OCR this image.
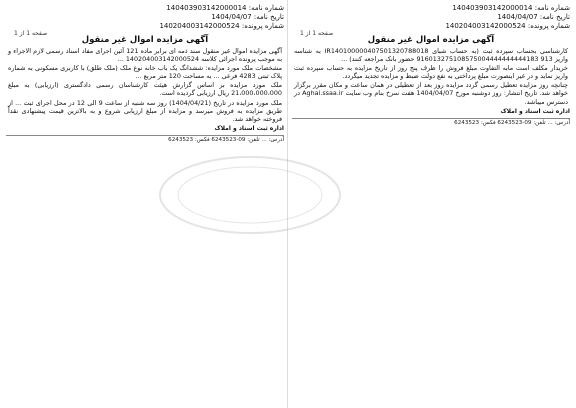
شماره نامه: 140403903142000014
تاریخ نامه: 1404/04/07
شماره پرونده: 140204003142000524
صفحه 1 از 1
آگهی مزایده اموال غیر منقول

کارشناسی بحساب سپرده ثبت (به حساب شبای IR140100000407501320788018 به شناسه واریز 913 916013275108575004444444444183 حضور بانک مراجعه کنند) ...

خریدار مکلف است مابه التفاوت مبلغ فروش را ظرف پنج روز از تاریخ مزایده به حساب سپرده ثبت واریز نماید و در غیر اینصورت مبلغ پرداختی به نفع دولت ضبط و مزایده تجدید میگردد.

چنانچه روز مزایده تعطیل رسمی گردد مزایده روز بعد از تعطیلی در همان ساعت و مکان مقرر برگزار خواهد شد. تاریخ انتشار: روز دوشنبه مورخ 1404/04/07 هفت سرخ بنام وب سایت Aghai.ssaa.ir در دسترس میباشد.

اداره ثبت اسناد و املاک
آدرس: ... تلفن: 09-6243523 فکس: 6243523
شماره نامه: 140403903142000014
تاریخ نامه: 1404/04/07
شماره پرونده: 140204003142000524
صفحه 1 از 1
آگهی مزایده اموال غیر منقول

آگهی مزایده اموال غیر منقول سند ذمه ای برابر ماده 121 آئین اجرای مفاد اسناد رسمی لازم الاجراء و به موجب پرونده اجرائی کلاسه 140204003142000524 ...

مشخصات ملک مورد مزایده: ششدانگ یک باب خانه نوع ملک (ملک طلق) با کاربری مسکونی به شماره پلاک ثبتی 4283 فرعی ... به مساحت 120 متر مربع ...

ملک مورد مزایده بر اساس گزارش هیئت کارشناسان رسمی دادگستری (ارزیابی) به مبلغ 21،000،000،000 ریال ارزیابی گردیده است.

ملک مورد مزایده در تاریخ (1404/04/21) روز سه شنبه از ساعت 9 الی 12 در محل اجرای ثبت ... از طریق مزایده به فروش میرسد و مزایده از مبلغ ارزیابی شروع و به بالاترین قیمت پیشنهادی نقداً فروخته خواهد شد.

اداره ثبت اسناد و املاک
آدرس: ... تلفن: 09-6243523 فکس: 6243523
